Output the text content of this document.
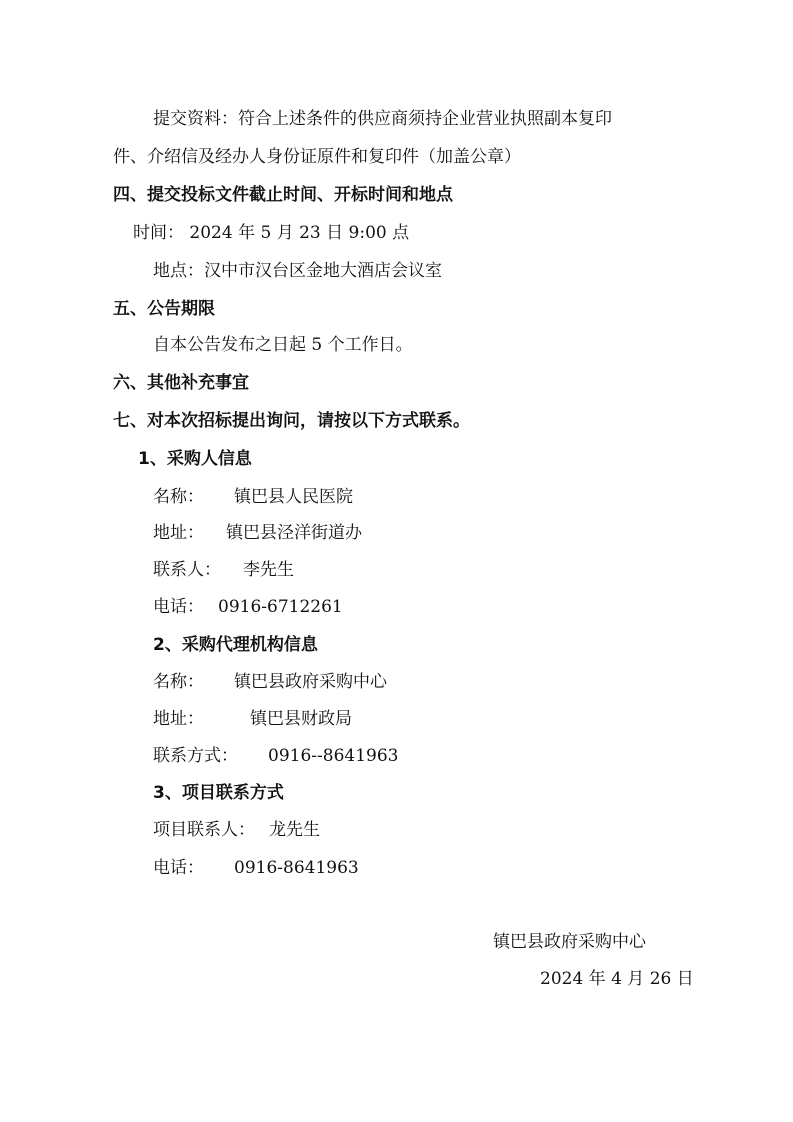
提交资料：符合上述条件的供应商须持企业营业执照副本复印
件、介绍信及经办人身份证原件和复印件（加盖公章）
四、提交投标文件截止时间、开标时间和地点
时间： 2024 年 5 月 23 日 9:00 点
地点：汉中市汉台区金地大酒店会议室
五、公告期限
自本公告发布之日起 5 个工作日。
六、其他补充事宜
七、对本次招标提出询问，请按以下方式联系。
1、采购人信息
名称： 镇巴县人民医院
地址： 镇巴县泾洋街道办
联系人： 李先生
电话： 0916-6712261
2、采购代理机构信息
名称： 镇巴县政府采购中心
地址：	镇巴县财政局
联系方式： 0916--8641963
3、项目联系方式
项目联系人： 龙先生
电话： 0916-8641963
镇巴县政府采购中心
2024 年 4 月 26 日
